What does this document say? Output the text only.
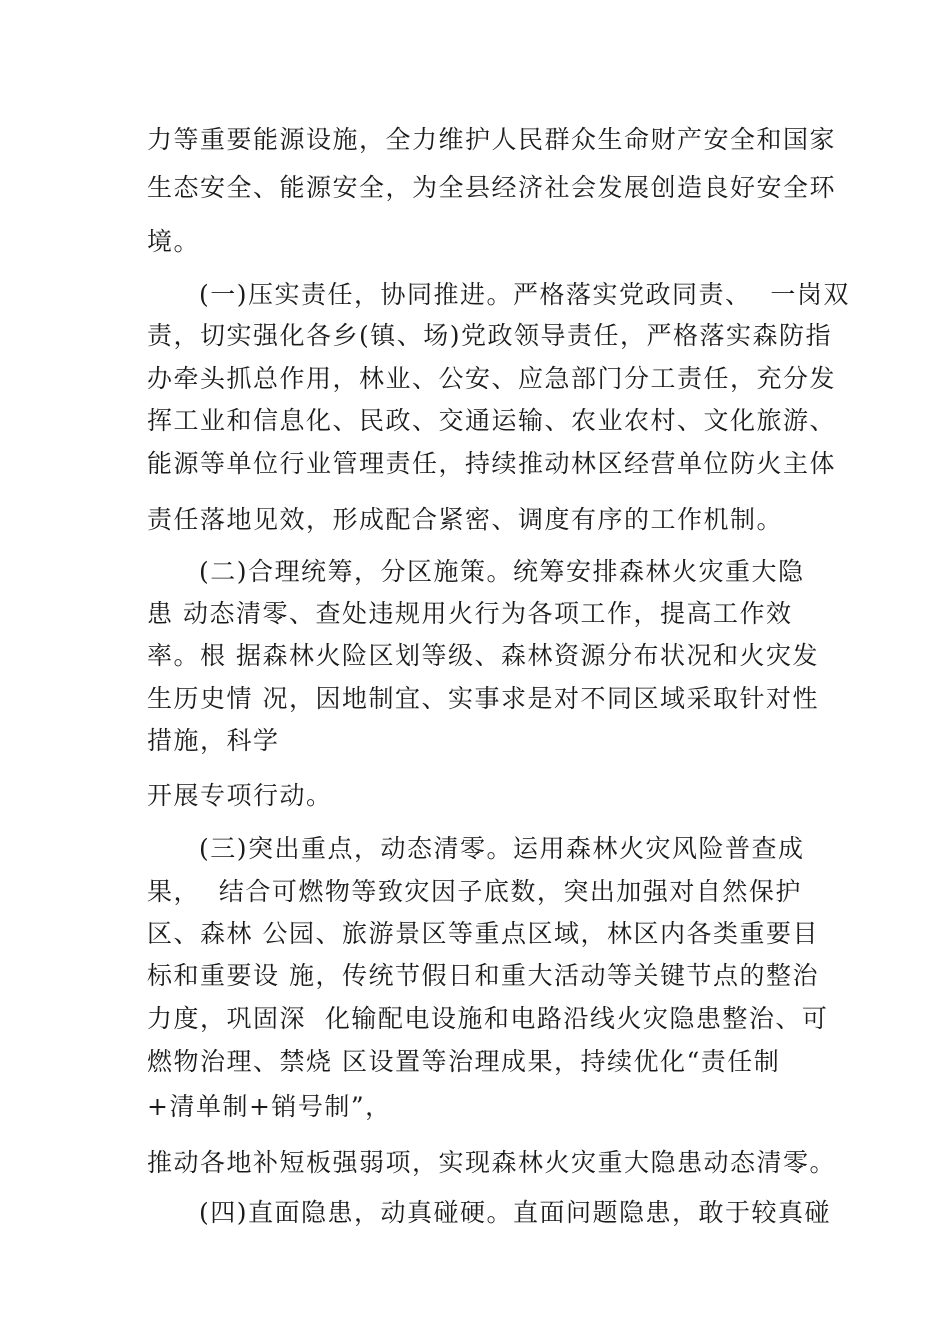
力等重要能源设施，全力维护人民群众生命财产安全和国家
生态安全、能源安全，为全县经济社会发展创造良好安全环
境。
(一)压实责任，协同推进。严格落实党政同责、  一岗双
责，切实强化各乡(镇、场)党政领导责任，严格落实森防指
办牵头抓总作用，林业、公安、应急部门分工责任，充分发
挥工业和信息化、民政、交通运输、农业农村、文化旅游、
能源等单位行业管理责任，持续推动林区经营单位防火主体
责任落地见效，形成配合紧密、调度有序的工作机制。
(二)合理统筹，分区施策。统筹安排森林火灾重大隐
患 动态清零、查处违规用火行为各项工作，提高工作效
率。根 据森林火险区划等级、森林资源分布状况和火灾发
生历史情 况，因地制宜、实事求是对不同区域采取针对性
措施，科学
开展专项行动。
(三)突出重点，动态清零。运用森林火灾风险普查成
果，  结合可燃物等致灾因子底数，突出加强对自然保护
区、森林 公园、旅游景区等重点区域，林区内各类重要目
标和重要设 施，传统节假日和重大活动等关键节点的整治
力度，巩固深  化输配电设施和电路沿线火灾隐患整治、可
燃物治理、禁烧 区设置等治理成果，持续优化“责任制
+清单制+销号制”，
推动各地补短板强弱项，实现森林火灾重大隐患动态清零。
(四)直面隐患，动真碰硬。直面问题隐患，敢于较真碰
